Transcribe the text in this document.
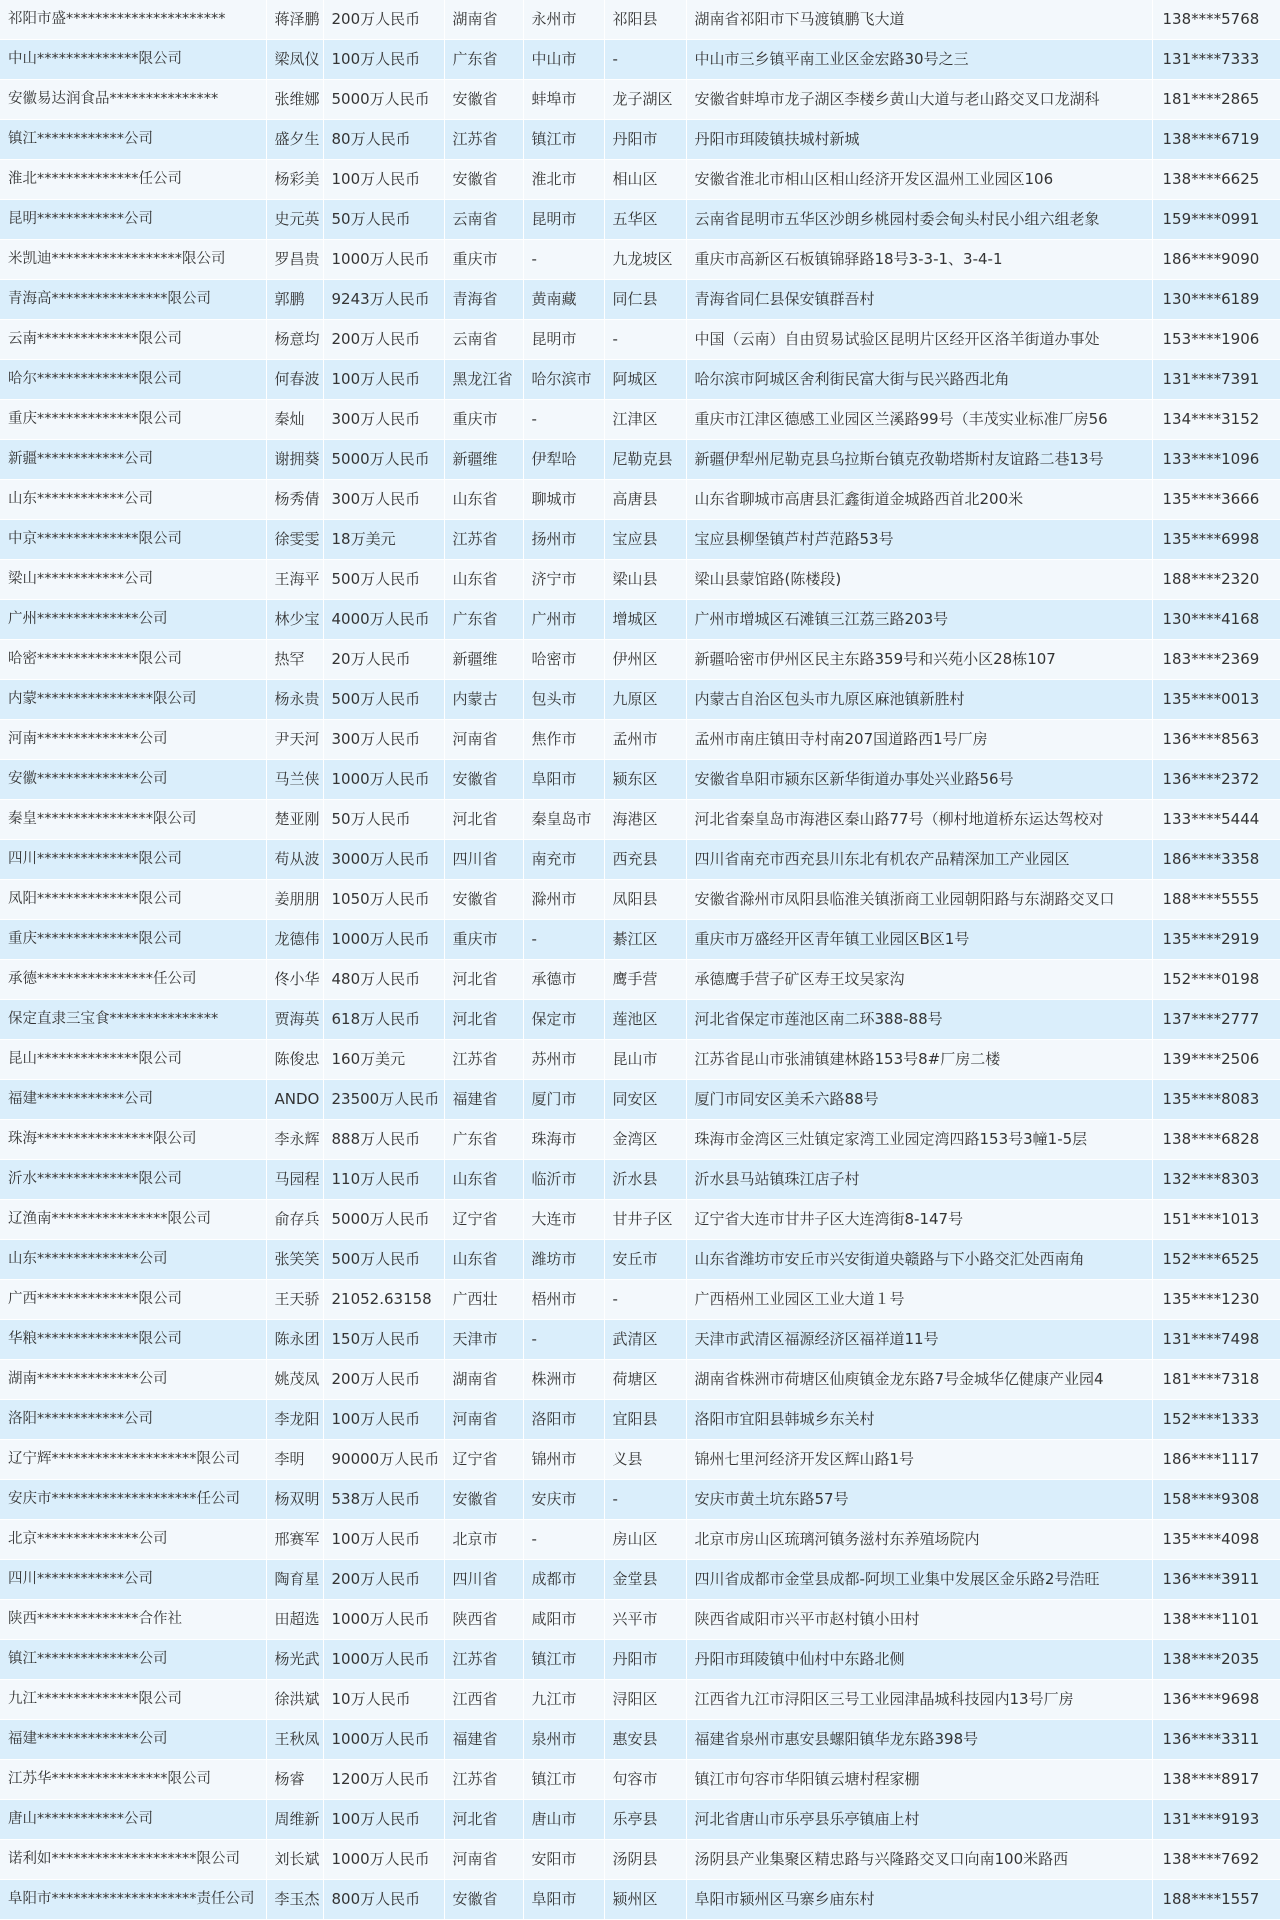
祁阳市盛**********************	蒋泽鹏	200万人民币	湖南省	永州市	祁阳县	湖南省祁阳市下马渡镇鹏飞大道	138****5768
中山**************限公司	梁凤仪	100万人民币	广东省	中山市	-	中山市三乡镇平南工业区金宏路30号之三	131****7333
安徽易达润食品***************	张维娜	5000万人民币	安徽省	蚌埠市	龙子湖区	安徽省蚌埠市龙子湖区李楼乡黄山大道与老山路交叉口龙湖科	181****2865
镇江************公司	盛夕生	80万人民币	江苏省	镇江市	丹阳市	丹阳市珥陵镇扶城村新城	138****6719
淮北**************任公司	杨彩美	100万人民币	安徽省	淮北市	相山区	安徽省淮北市相山区相山经济开发区温州工业园区106	138****6625
昆明************公司	史元英	50万人民币	云南省	昆明市	五华区	云南省昆明市五华区沙朗乡桃园村委会甸头村民小组六组老象	159****0991
米凯迪******************限公司	罗昌贵	1000万人民币	重庆市	-	九龙坡区	重庆市高新区石板镇锦驿路18号3-3-1、3-4-1	186****9090
青海高****************限公司	郭鹏	9243万人民币	青海省	黄南藏	同仁县	青海省同仁县保安镇群吾村	130****6189
云南**************限公司	杨意均	200万人民币	云南省	昆明市	-	中国（云南）自由贸易试验区昆明片区经开区洛羊街道办事处	153****1906
哈尔**************限公司	何春波	100万人民币	黑龙江省	哈尔滨市	阿城区	哈尔滨市阿城区舍利街民富大街与民兴路西北角	131****7391
重庆**************限公司	秦灿	300万人民币	重庆市	-	江津区	重庆市江津区德感工业园区兰溪路99号（丰茂实业标准厂房56	134****3152
新疆************公司	谢拥葵	5000万人民币	新疆维	伊犁哈	尼勒克县	新疆伊犁州尼勒克县乌拉斯台镇克孜勒塔斯村友谊路二巷13号	133****1096
山东************公司	杨秀倩	300万人民币	山东省	聊城市	高唐县	山东省聊城市高唐县汇鑫街道金城路西首北200米	135****3666
中京**************限公司	徐雯雯	18万美元	江苏省	扬州市	宝应县	宝应县柳堡镇芦村芦范路53号	135****6998
梁山************公司	王海平	500万人民币	山东省	济宁市	梁山县	梁山县蒙馆路(陈楼段)	188****2320
广州**************公司	林少宝	4000万人民币	广东省	广州市	增城区	广州市增城区石滩镇三江荔三路203号	130****4168
哈密**************限公司	热罕	20万人民币	新疆维	哈密市	伊州区	新疆哈密市伊州区民主东路359号和兴苑小区28栋107	183****2369
内蒙****************限公司	杨永贵	500万人民币	内蒙古	包头市	九原区	内蒙古自治区包头市九原区麻池镇新胜村	135****0013
河南**************公司	尹天河	300万人民币	河南省	焦作市	孟州市	孟州市南庄镇田寺村南207国道路西1号厂房	136****8563
安徽**************公司	马兰侠	1000万人民币	安徽省	阜阳市	颍东区	安徽省阜阳市颍东区新华街道办事处兴业路56号	136****2372
秦皇****************限公司	楚亚刚	50万人民币	河北省	秦皇岛市	海港区	河北省秦皇岛市海港区秦山路77号（柳村地道桥东运达驾校对	133****5444
四川**************限公司	苟从波	3000万人民币	四川省	南充市	西充县	四川省南充市西充县川东北有机农产品精深加工产业园区	186****3358
凤阳**************限公司	姜朋朋	1050万人民币	安徽省	滁州市	凤阳县	安徽省滁州市凤阳县临淮关镇浙商工业园朝阳路与东湖路交叉口	188****5555
重庆**************限公司	龙德伟	1000万人民币	重庆市	-	綦江区	重庆市万盛经开区青年镇工业园区B区1号	135****2919
承德****************任公司	佟小华	480万人民币	河北省	承德市	鹰手营	承德鹰手营子矿区寿王坟吴家沟	152****0198
保定直隶三宝食***************	贾海英	618万人民币	河北省	保定市	莲池区	河北省保定市莲池区南二环388-88号	137****2777
昆山**************限公司	陈俊忠	160万美元	江苏省	苏州市	昆山市	江苏省昆山市张浦镇建林路153号8#厂房二楼	139****2506
福建************公司	ANDO	23500万人民币	福建省	厦门市	同安区	厦门市同安区美禾六路88号	135****8083
珠海****************限公司	李永辉	888万人民币	广东省	珠海市	金湾区	珠海市金湾区三灶镇定家湾工业园定湾四路153号3幢1-5层	138****6828
沂水**************限公司	马园程	110万人民币	山东省	临沂市	沂水县	沂水县马站镇珠江店子村	132****8303
辽渔南****************限公司	俞存兵	5000万人民币	辽宁省	大连市	甘井子区	辽宁省大连市甘井子区大连湾街8-147号	151****1013
山东**************公司	张笑笑	500万人民币	山东省	潍坊市	安丘市	山东省潍坊市安丘市兴安街道央赣路与下小路交汇处西南角	152****6525
广西**************限公司	王天骄	21052.63158	广西壮	梧州市	-	广西梧州工业园区工业大道１号	135****1230
华粮**************限公司	陈永团	150万人民币	天津市	-	武清区	天津市武清区福源经济区福祥道11号	131****7498
湖南**************公司	姚茂凤	200万人民币	湖南省	株洲市	荷塘区	湖南省株洲市荷塘区仙庾镇金龙东路7号金城华亿健康产业园4	181****7318
洛阳************公司	李龙阳	100万人民币	河南省	洛阳市	宜阳县	洛阳市宜阳县韩城乡东关村	152****1333
辽宁辉********************限公司	李明	90000万人民币	辽宁省	锦州市	义县	锦州七里河经济开发区辉山路1号	186****1117
安庆市********************任公司	杨双明	538万人民币	安徽省	安庆市	-	安庆市黄土坑东路57号	158****9308
北京**************公司	邢赛军	100万人民币	北京市	-	房山区	北京市房山区琉璃河镇务滋村东养殖场院内	135****4098
四川************公司	陶育星	200万人民币	四川省	成都市	金堂县	四川省成都市金堂县成都-阿坝工业集中发展区金乐路2号浩旺	136****3911
陕西**************合作社	田超选	1000万人民币	陕西省	咸阳市	兴平市	陕西省咸阳市兴平市赵村镇小田村	138****1101
镇江**************公司	杨光武	1000万人民币	江苏省	镇江市	丹阳市	丹阳市珥陵镇中仙村中东路北侧	138****2035
九江**************限公司	徐洪斌	10万人民币	江西省	九江市	浔阳区	江西省九江市浔阳区三号工业园津晶城科技园内13号厂房	136****9698
福建**************公司	王秋凤	1000万人民币	福建省	泉州市	惠安县	福建省泉州市惠安县螺阳镇华龙东路398号	136****3311
江苏华****************限公司	杨睿	1200万人民币	江苏省	镇江市	句容市	镇江市句容市华阳镇云塘村程家棚	138****8917
唐山************公司	周维新	100万人民币	河北省	唐山市	乐亭县	河北省唐山市乐亭县乐亭镇庙上村	131****9193
诺利如********************限公司	刘长斌	1000万人民币	河南省	安阳市	汤阴县	汤阴县产业集聚区精忠路与兴隆路交叉口向南100米路西	138****7692
阜阳市********************责任公司	李玉杰	800万人民币	安徽省	阜阳市	颍州区	阜阳市颍州区马寨乡庙东村	188****1557
